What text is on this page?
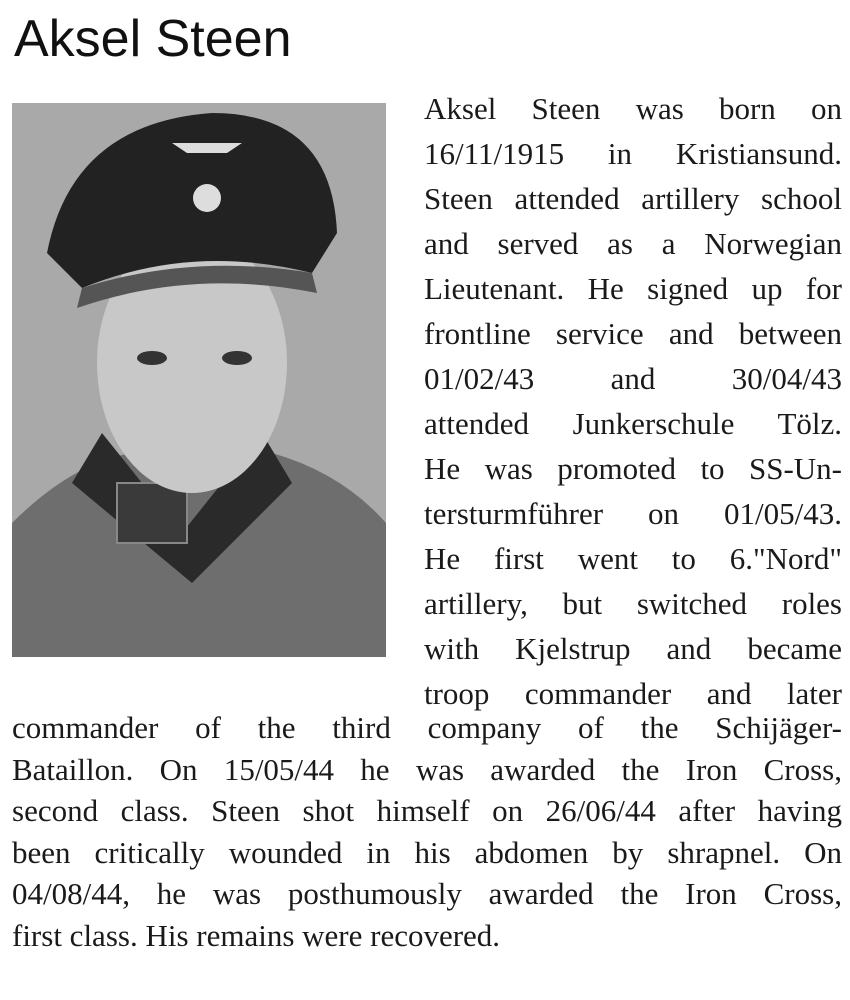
Aksel Steen
Aksel Steen was born on
16/11/1915 in Kristiansund.
Steen attended artillery school
and served as a Norwegian
Lieutenant. He signed up for
frontline service and between
01/02/43 and 30/04/43
attended Junkerschule Tölz.
He was promoted to SS-Un-
tersturmführer on 01/05/43.
He first went to 6."Nord"
artillery, but switched roles
with Kjelstrup and became
troop commander and later
commander of the third company of the Schijäger-
Bataillon. On 15/05/44 he was awarded the Iron Cross,
second class. Steen shot himself on 26/06/44 after having
been critically wounded in his abdomen by shrapnel. On
04/08/44, he was posthumously awarded the Iron Cross,
first class. His remains were recovered.
